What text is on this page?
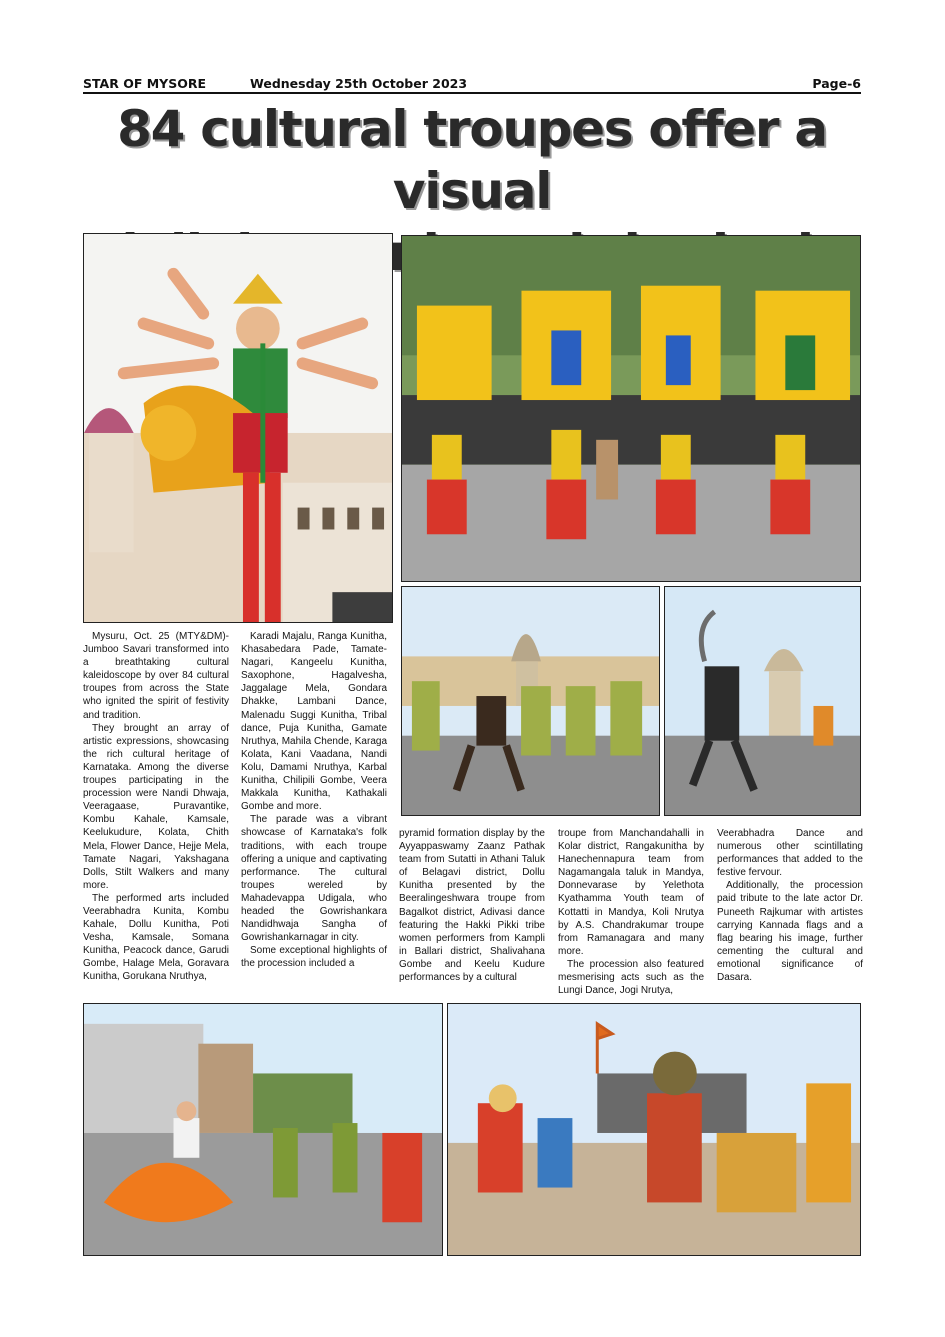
STAR OF MYSORE	Wednesday 25th October 2023	Page-6
84 cultural troupes offer a visual
sonic

Mysuru, Oct. 25 (MTY&DM)- Jumboo Savari transformed into a breathtaking cultural kaleidoscope by over 84 cultural troupes from across the State who ignited the spirit of festivity and tradition.

They brought an array of artistic expressions, showcasing the rich cultural heritage of Karnataka. Among the diverse troupes participating in the procession were Nandi Dhwaja, Veeragaase, Puravantike, Kombu Kahale, Kamsale, Keelukudure, Kolata, Chith Mela, Flower Dance, Hejje Mela, Tamate Nagari, Yakshagana Dolls, Stilt Walkers and many more.

The performed arts included Veerabhadra Kunita, Kombu Kahale, Dollu Kunitha, Poti Vesha, Kamsale, Somana Kunitha, Peacock dance, Garudi Gombe, Halage Mela, Goravara Kunitha, Gorukana Nruthya,

Karadi Majalu, Ranga Kunitha, Khasabedara Pade, Tamate-Nagari, Kangeelu Kunitha, Saxophone, Hagalvesha, Jaggalage Mela, Gondara Dhakke, Lambani Dance, Malenadu Suggi Kunitha, Tribal dance, Puja Kunitha, Gamate Nruthya, Mahila Chende, Karaga Kolata, Kani Vaadana, Nandi Kolu, Damami Nruthya, Karbal Kunitha, Chilipili Gombe, Veera Makkala Kunitha, Kathakali Gombe and more.

The parade was a vibrant showcase of Karnataka's folk traditions, with each troupe offering a unique and captivating performance. The cultural troupes wereled by Mahadevappa Udigala, who headed the Gowrishankara Nandidhwaja Sangha of Gowrishankarnagar in city.

Some exceptional highlights of the procession included a

pyramid formation display by the Ayyappaswamy Zaanz Pathak team from Sutatti in Athani Taluk of Belagavi district, Dollu Kunitha presented by the Beeralingeshwara troupe from Bagalkot district, Adivasi dance featuring the Hakki Pikki tribe women performers from Kampli in Ballari district, Shalivahana Gombe and Keelu Kudure performances by a cultural

troupe from Manchandahalli in Kolar district, Rangakunitha by Hanechennapura team from Nagamangala taluk in Mandya, Donnevarase by Yelethota Kyathamma Youth team of Kottatti in Mandya, Koli Nrutya by A.S. Chandrakumar troupe from Ramanagara and many more.

The procession also featured mesmerising acts such as the Lungi Dance, Jogi Nrutya,

Veerabhadra Dance and numerous other scintillating performances that added to the festive fervour.

Additionally, the procession paid tribute to the late actor Dr. Puneeth Rajkumar with artistes carrying Kannada flags and a flag bearing his image, further cementing the cultural and emotional significance of Dasara.
